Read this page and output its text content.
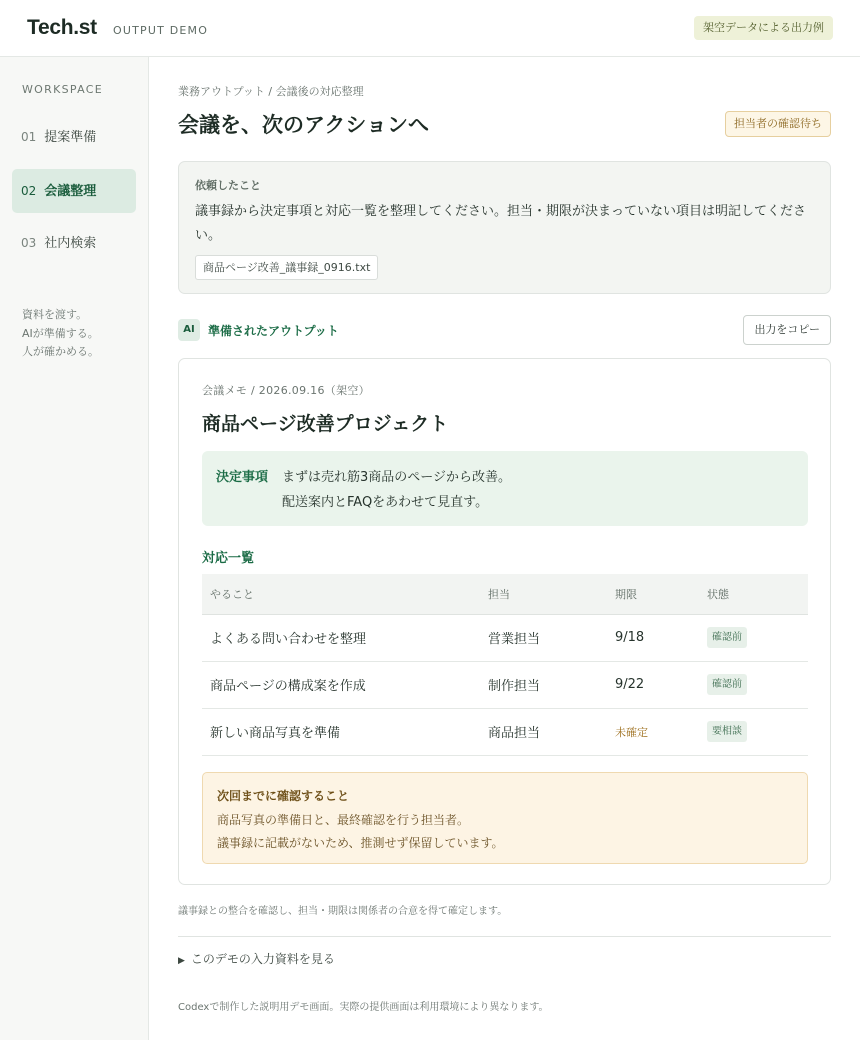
Tech.st OUTPUT DEMO	架空データによる出力例
WORKSPACE
01 提案準備
02 会議整理
03 社内検索
資料を渡す。
AIが準備する。
人が確かめる。
業務アウトプット / 会議後の対応整理
会議を、次のアクションへ	担当者の確認待ち
依頼したこと
議事録から決定事項と対応一覧を整理してください。担当・期限が決まっていない項目は明記してください。
商品ページ改善_議事録_0916.txt
AI	準備されたアウトプット	出力をコピー
会議メモ / 2026.09.16（架空）
商品ページ改善プロジェクト
決定事項 まずは売れ筋3商品のページから改善。
配送案内とFAQをあわせて見直す。
対応一覧
やること	担当	期限	状態
よくある問い合わせを整理	営業担当	9/18	確認前
商品ページの構成案を作成	制作担当	9/22	確認前
新しい商品写真を準備	商品担当	未確定	要相談
次回までに確認すること
商品写真の準備日と、最終確認を行う担当者。
議事録に記載がないため、推測せず保留しています。
議事録との整合を確認し、担当・期限は関係者の合意を得て確定します。
▶ このデモの入力資料を見る
Codexで制作した説明用デモ画面。実際の提供画面は利用環境により異なります。
